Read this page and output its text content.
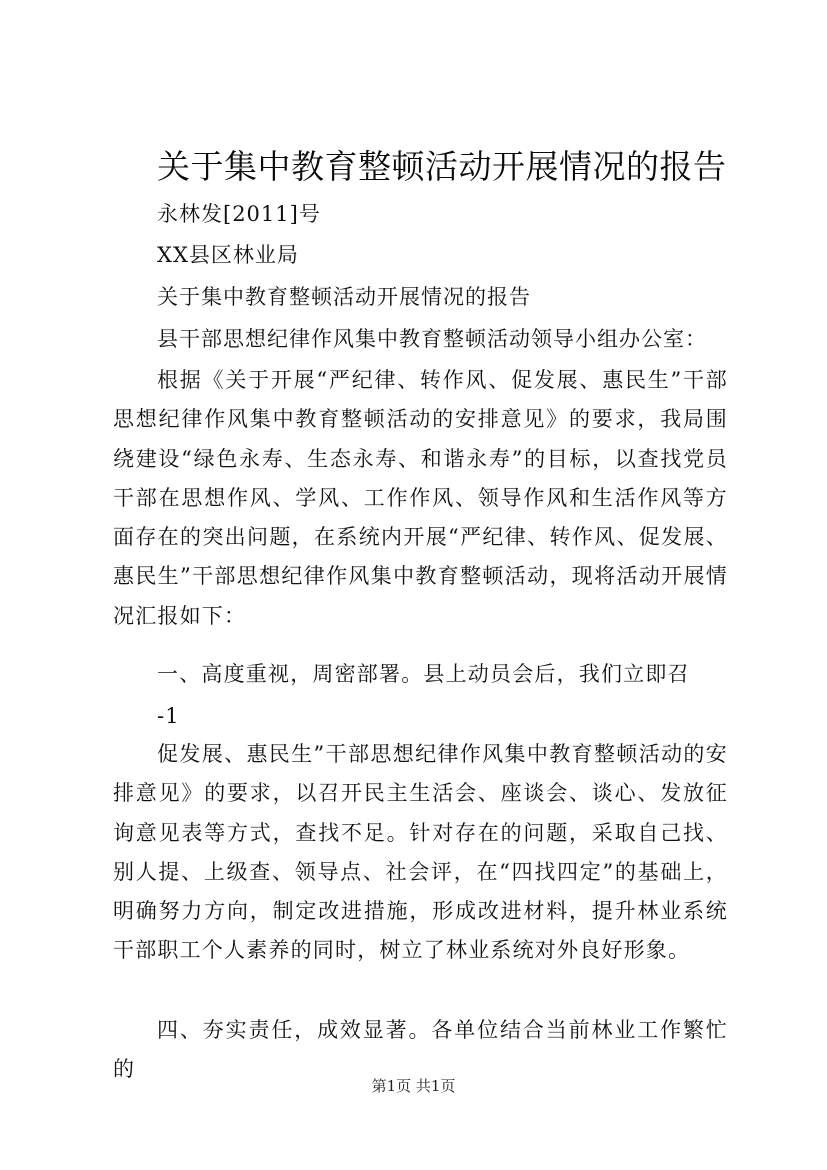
关于集中教育整顿活动开展情况的报告
永林发[2011]号
XX县区林业局
关于集中教育整顿活动开展情况的报告
县干部思想纪律作风集中教育整顿活动领导小组办公室：

根据《关于开展“严纪律、转作风、促发展、惠民生”干部思想纪律作风集中教育整顿活动的安排意见》的要求，我局围绕建设“绿色永寿、生态永寿、和谐永寿”的目标，以查找党员干部在思想作风、学风、工作作风、领导作风和生活作风等方面存在的突出问题，在系统内开展“严纪律、转作风、促发展、惠民生”干部思想纪律作风集中教育整顿活动，现将活动开展情况汇报如下：

一、高度重视，周密部署。县上动员会后，我们立即召

-1

促发展、惠民生”干部思想纪律作风集中教育整顿活动的安排意见》的要求，以召开民主生活会、座谈会、谈心、发放征询意见表等方式，查找不足。针对存在的问题，采取自己找、别人提、上级查、领导点、社会评，在“四找四定”的基础上，明确努力方向，制定改进措施，形成改进材料，提升林业系统干部职工个人素养的同时，树立了林业系统对外良好形象。

四、夯实责任，成效显著。各单位结合当前林业工作繁忙的

第1页 共1页
